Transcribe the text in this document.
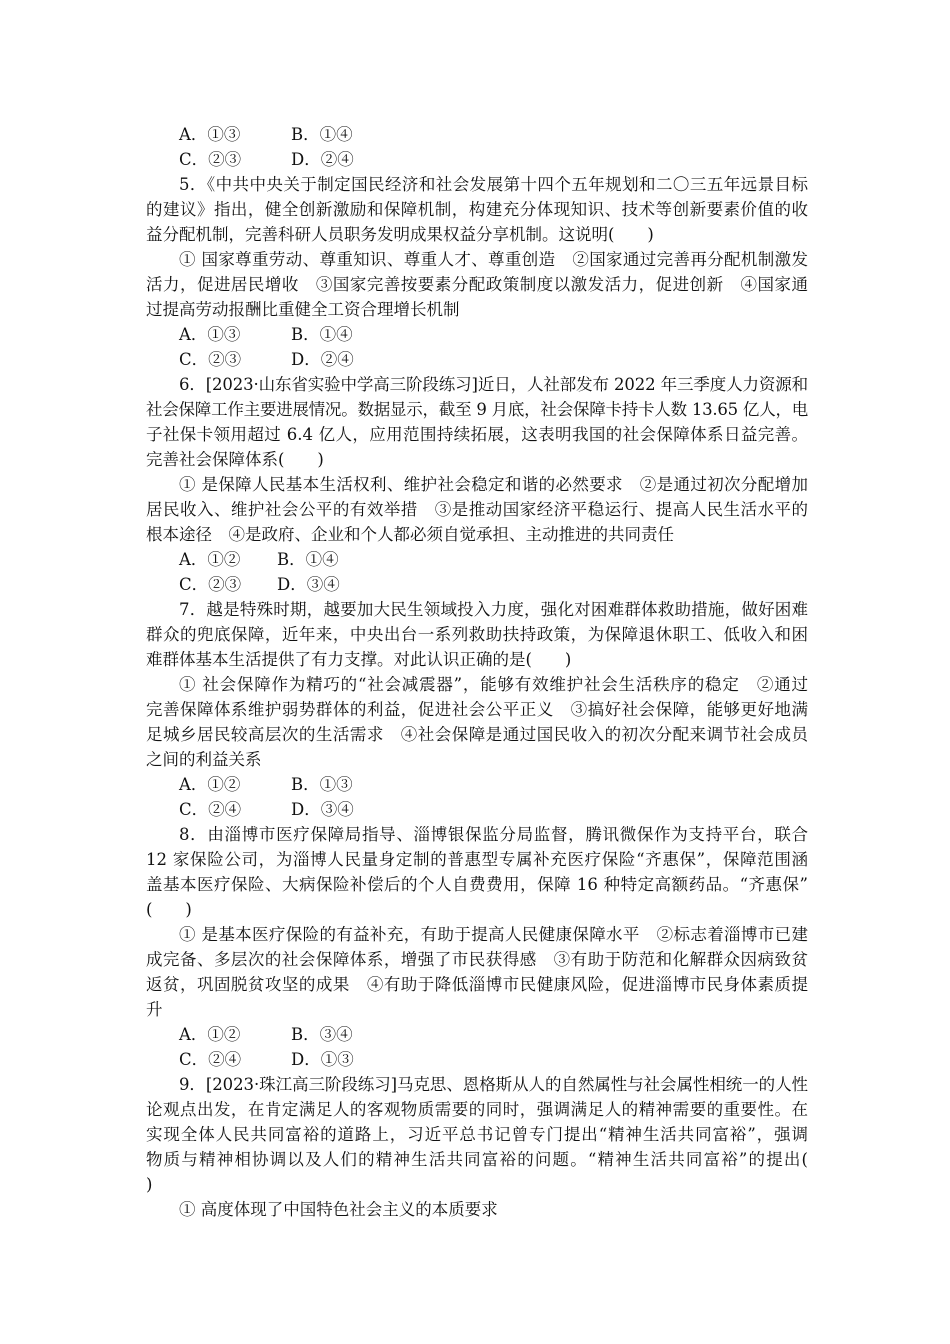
A．①③	B．①④
C．②③	D．②④
5．《中共中央关于制定国民经济和社会发展第十四个五年规划和二〇三五年远景目标
的建议》指出，健全创新激励和保障机制，构建充分体现知识、技术等创新要素价值的收
益分配机制，完善科研人员职务发明成果权益分享机制。这说明(　　)
① 国家尊重劳动、尊重知识、尊重人才、尊重创造　②国家通过完善再分配机制激发
活力，促进居民增收　③国家完善按要素分配政策制度以激发活力，促进创新　④国家通
过提高劳动报酬比重健全工资合理增长机制
A．①③	B．①④
C．②③	D．②④
6．[2023·山东省实验中学高三阶段练习]近日，人社部发布 2022 年三季度人力资源和
社会保障工作主要进展情况。数据显示，截至 9 月底，社会保障卡持卡人数 13.65 亿人，电
子社保卡领用超过 6.4 亿人，应用范围持续拓展，这表明我国的社会保障体系日益完善。
完善社会保障体系(　　)
① 是保障人民基本生活权利、维护社会稳定和谐的必然要求　②是通过初次分配增加
居民收入、维护社会公平的有效举措　③是推动国家经济平稳运行、提高人民生活水平的
根本途径　④是政府、企业和个人都必须自觉承担、主动推进的共同责任
A．①② B．①④
C．②③ D．③④
7．越是特殊时期，越要加大民生领域投入力度，强化对困难群体救助措施，做好困难
群众的兜底保障，近年来，中央出台一系列救助扶持政策，为保障退休职工、低收入和困
难群体基本生活提供了有力支撑。对此认识正确的是(　　)
① 社会保障作为精巧的“社会减震器”，能够有效维护社会生活秩序的稳定　②通过
完善保障体系维护弱势群体的利益，促进社会公平正义　③搞好社会保障，能够更好地满
足城乡居民较高层次的生活需求　④社会保障是通过国民收入的初次分配来调节社会成员
之间的利益关系
A．①②	B．①③
C．②④	D．③④
8．由淄博市医疗保障局指导、淄博银保监分局监督，腾讯微保作为支持平台，联合
12 家保险公司，为淄博人民量身定制的普惠型专属补充医疗保险“齐惠保”，保障范围涵
盖基本医疗保险、大病保险补偿后的个人自费费用，保障 16 种特定高额药品。“齐惠保”
(　　)
① 是基本医疗保险的有益补充，有助于提高人民健康保障水平　②标志着淄博市已建
成完备、多层次的社会保障体系，增强了市民获得感　③有助于防范和化解群众因病致贫
返贫，巩固脱贫攻坚的成果　④有助于降低淄博市民健康风险，促进淄博市民身体素质提
升
A．①②	B．③④
C．②④	D．①③
9．[2023·珠江高三阶段练习]马克思、恩格斯从人的自然属性与社会属性相统一的人性
论观点出发，在肯定满足人的客观物质需要的同时，强调满足人的精神需要的重要性。在
实现全体人民共同富裕的道路上，习近平总书记曾专门提出“精神生活共同富裕”，强调
物质与精神相协调以及人们的精神生活共同富裕的问题。“精神生活共同富裕”的提出(
)
① 高度体现了中国特色社会主义的本质要求
